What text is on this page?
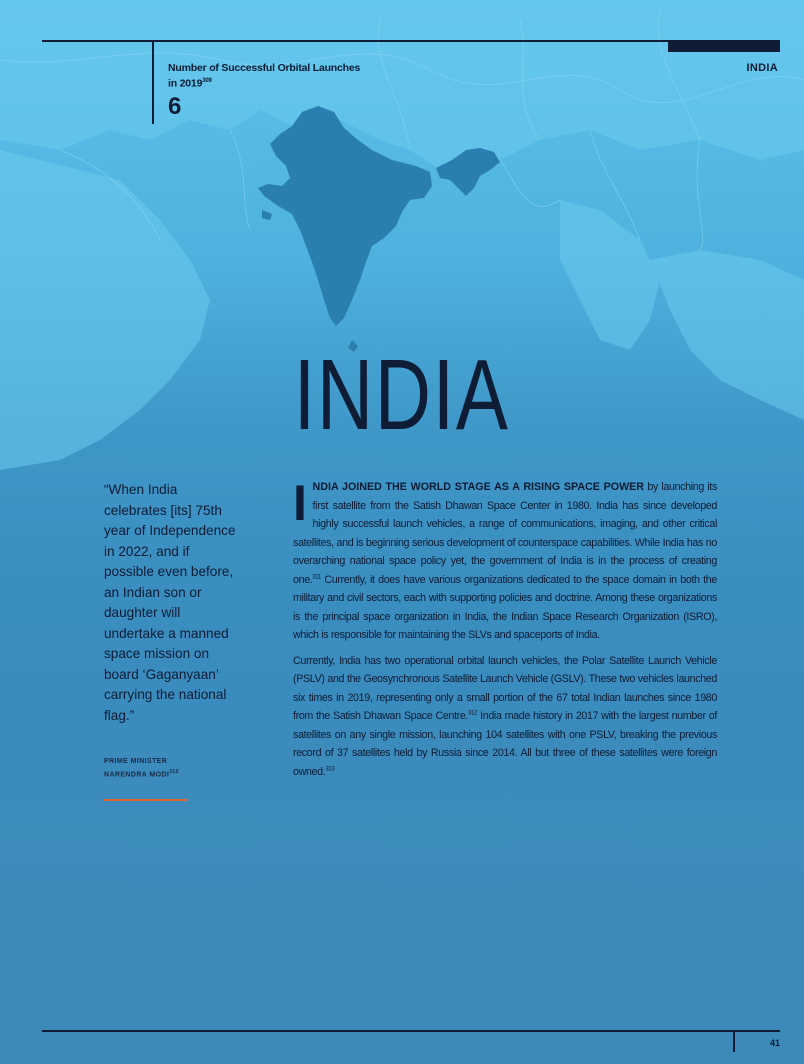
Number of Successful Orbital Launches in 2019$^{309}$
6
INDIA
INDIA
“When India celebrates [its] 75th year of Independence in 2022, and if possible even before, an Indian son or daughter will undertake a manned space mission on board ‘Gaganyaan’ carrying the national flag.”
PRIME MINISTER
NARENDRA MODI$^{310}$

INDIA JOINED THE WORLD STAGE AS A RISING SPACE POWER by launching its first satellite from the Satish Dhawan Space Center in 1980. India has since developed highly successful launch vehicles, a range of communications, imaging, and other critical satellites, and is beginning serious development of counterspace capabilities. While India has no overarching national space policy yet, the government of India is in the process of creating one.$^{311}$ Currently, it does have various organizations dedicated to the space domain in both the military and civil sectors, each with supporting policies and doctrine. Among these organizations is the principal space organization in India, the Indian Space Research Organization (ISRO), which is responsible for maintaining the SLVs and spaceports of India.

Currently, India has two operational orbital launch vehicles, the Polar Satellite Launch Vehicle (PSLV) and the Geosynchronous Satellite Launch Vehicle (GSLV). These two vehicles launched six times in 2019, representing only a small portion of the 67 total Indian launches since 1980 from the Satish Dhawan Space Centre.$^{312}$ India made history in 2017 with the largest number of satellites on any single mission, launching 104 satellites with one PSLV, breaking the previous record of 37 satellites held by Russia since 2014. All but three of these satellites were foreign owned.$^{313}$

41
